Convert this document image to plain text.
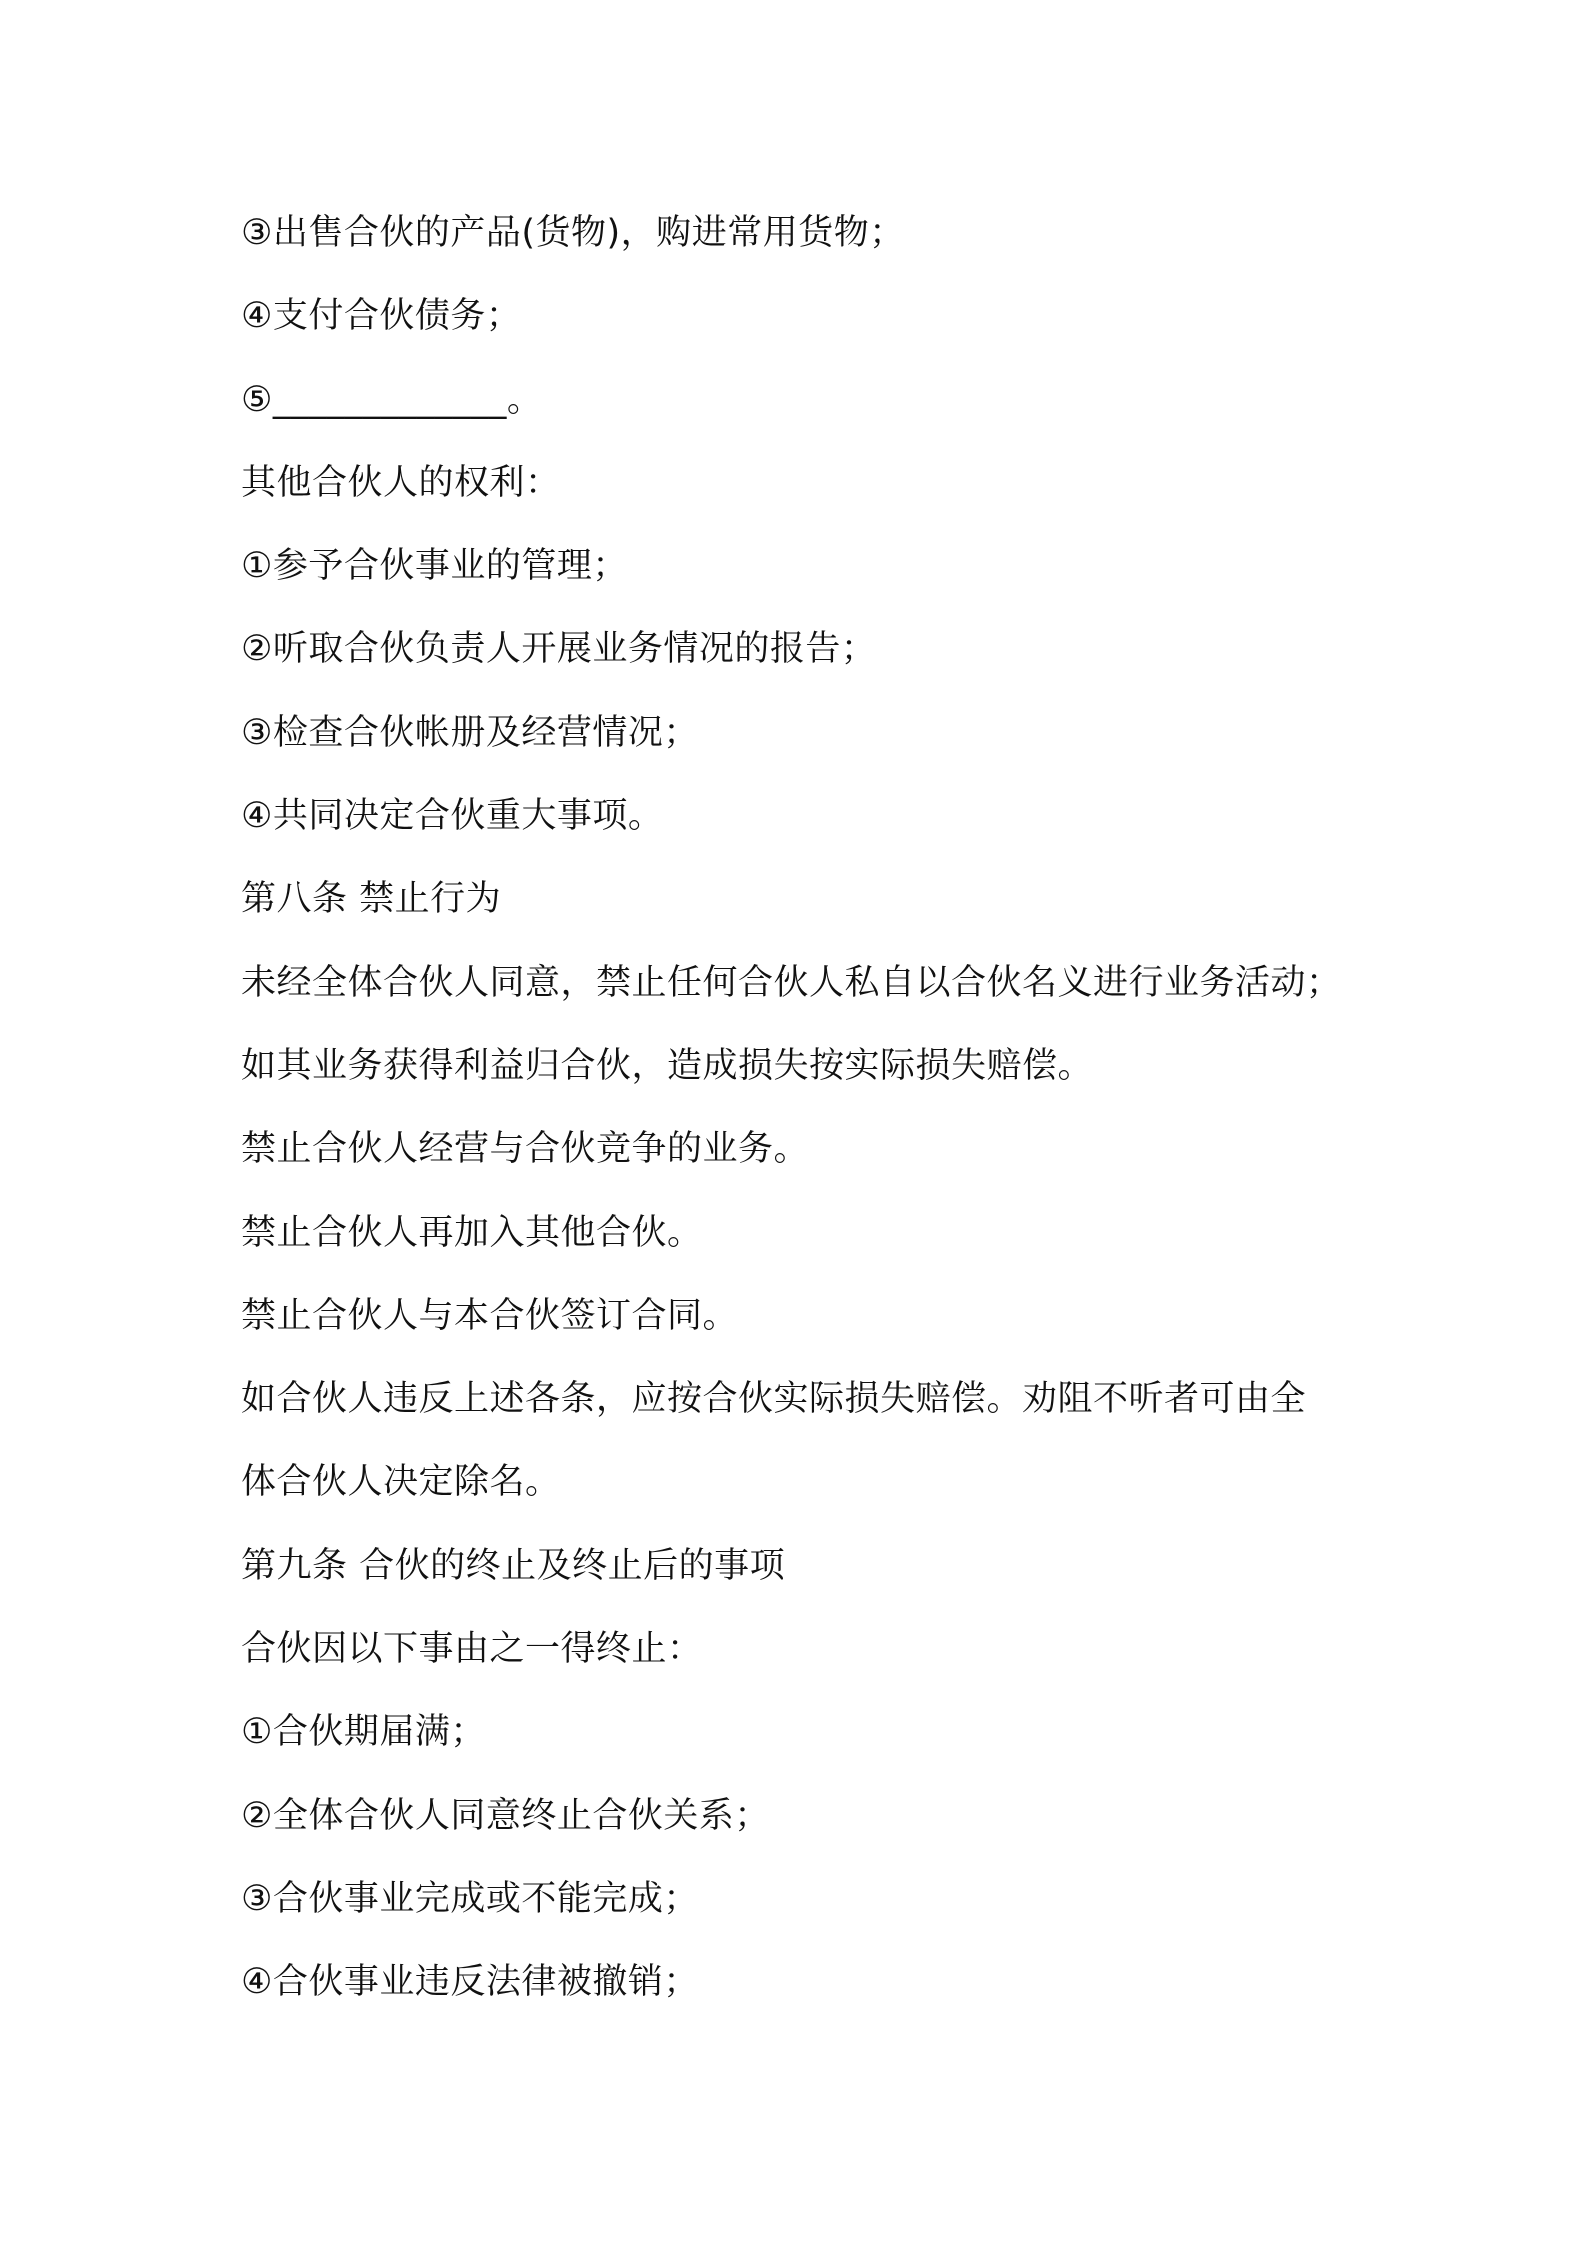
③出售合伙的产品(货物)，购进常用货物；
④支付合伙债务；
⑤_____________。
其他合伙人的权利：
①参予合伙事业的管理；
②听取合伙负责人开展业务情况的报告；
③检查合伙帐册及经营情况；
④共同决定合伙重大事项。
第八条 禁止行为
未经全体合伙人同意，禁止任何合伙人私自以合伙名义进行业务活动；
如其业务获得利益归合伙，造成损失按实际损失赔偿。
禁止合伙人经营与合伙竞争的业务。
禁止合伙人再加入其他合伙。
禁止合伙人与本合伙签订合同。
如合伙人违反上述各条，应按合伙实际损失赔偿。劝阻不听者可由全
体合伙人决定除名。
第九条 合伙的终止及终止后的事项
合伙因以下事由之一得终止：
①合伙期届满；
②全体合伙人同意终止合伙关系；
③合伙事业完成或不能完成；
④合伙事业违反法律被撤销；
